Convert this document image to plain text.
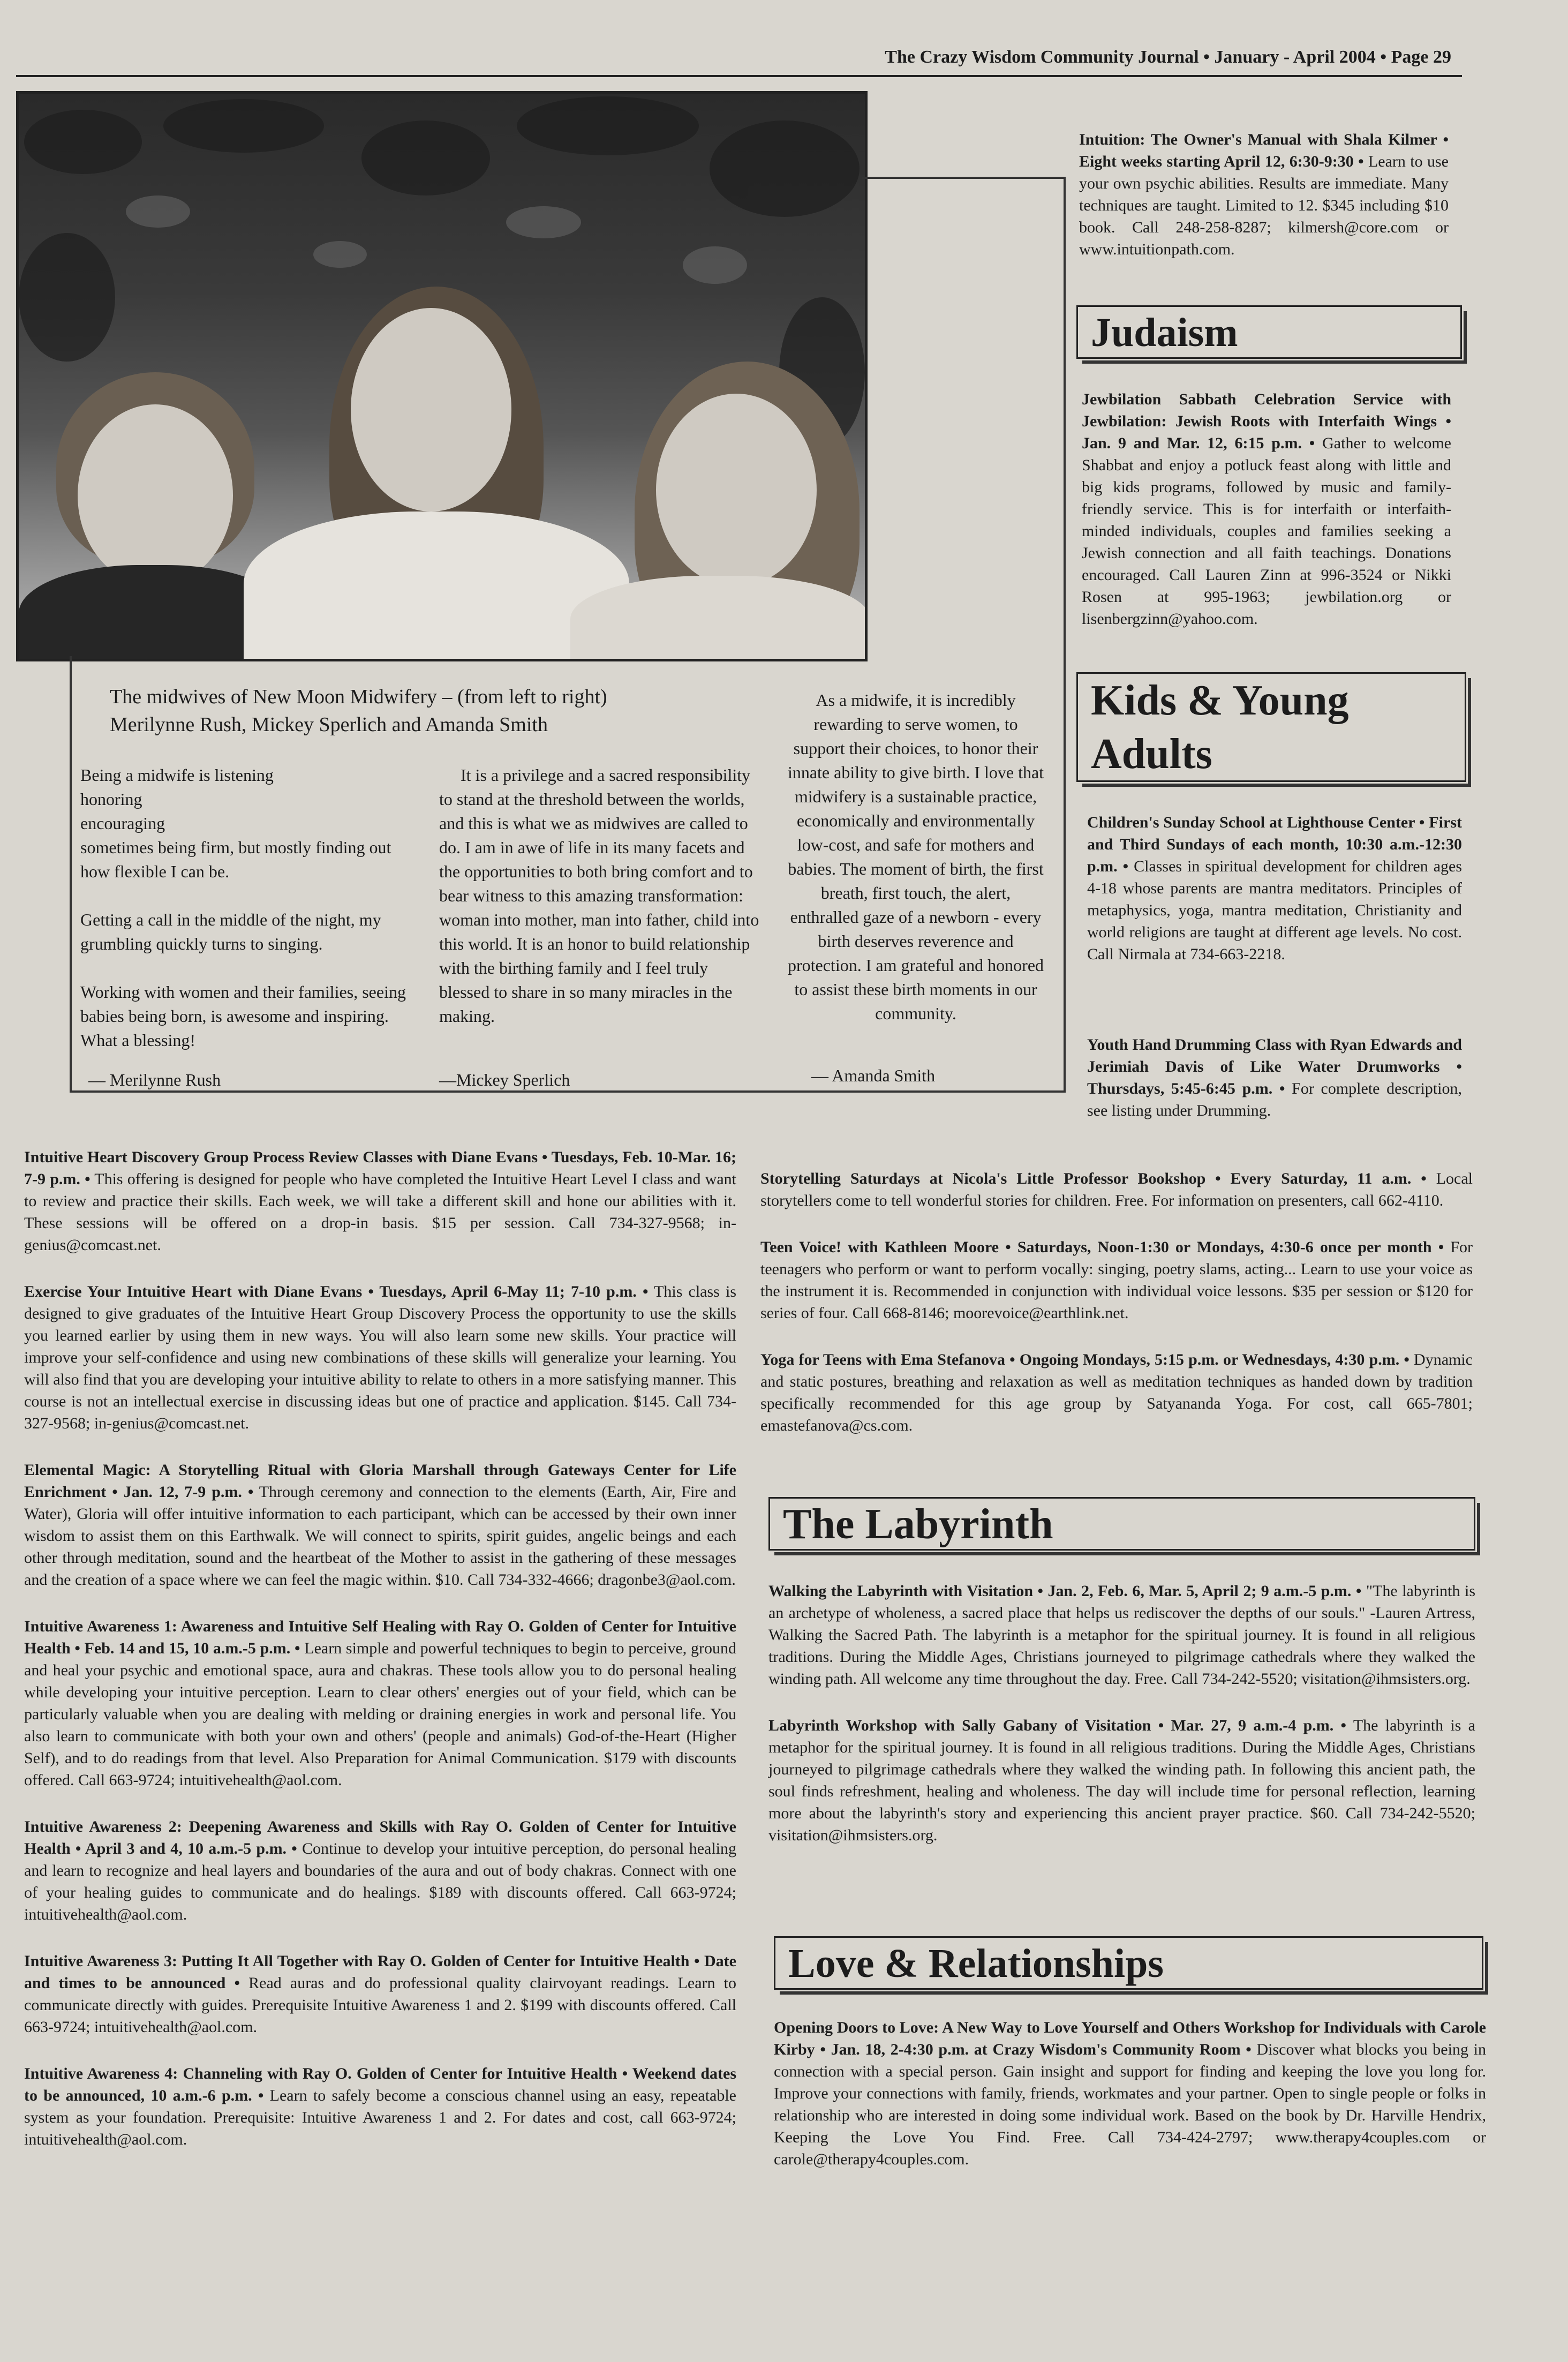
The Crazy Wisdom Community Journal • January - April 2004 • Page 29
The midwives of New Moon Midwifery – (from left to right)
Merilynne Rush, Mickey Sperlich and Amanda Smith

Being a midwife is listening
honoring
encouraging
sometimes being firm, but mostly finding out how flexible I can be.

Getting a call in the middle of the night, my grumbling quickly turns to singing.

Working with women and their families, seeing babies being born, is awesome and inspiring. What a blessing!

— Merilynne Rush

It is a privilege and a sacred responsibility to stand at the threshold between the worlds, and this is what we as midwives are called to do. I am in awe of life in its many facets and the opportunities to both bring comfort and to bear witness to this amazing transformation: woman into mother, man into father, child into this world. It is an honor to build relationship with the birthing family and I feel truly blessed to share in so many miracles in the making.

—Mickey Sperlich

As a midwife, it is incredibly rewarding to serve women, to support their choices, to honor their innate ability to give birth. I love that midwifery is a sustainable practice, economically and environmentally low-cost, and safe for mothers and babies. The moment of birth, the first breath, first touch, the alert, enthralled gaze of a newborn - every birth deserves reverence and protection. I am grateful and honored to assist these birth moments in our community.

— Amanda Smith
Intuition: The Owner's Manual with Shala Kilmer • Eight weeks starting April 12, 6:30-9:30 • Learn to use your own psychic abilities. Results are immediate. Many techniques are taught. Limited to 12. $345 including $10 book. Call 248-258-8287; kilmersh@core.com or www.intuitionpath.com.
Judaism
Jewbilation Sabbath Celebration Service with Jewbilation: Jewish Roots with Interfaith Wings • Jan. 9 and Mar. 12, 6:15 p.m. • Gather to welcome Shabbat and enjoy a potluck feast along with little and big kids programs, followed by music and family-friendly service. This is for interfaith or interfaith-minded individuals, couples and families seeking a Jewish connection and all faith teachings. Donations encouraged. Call Lauren Zinn at 996-3524 or Nikki Rosen at 995-1963; jewbilation.org or lisenbergzinn@yahoo.com.
Kids & Young
Adults
Children's Sunday School at Lighthouse Center • First and Third Sundays of each month, 10:30 a.m.-12:30 p.m. • Classes in spiritual development for children ages 4-18 whose parents are mantra meditators. Principles of metaphysics, yoga, mantra meditation, Christianity and world religions are taught at different age levels. No cost. Call Nirmala at 734-663-2218.
Youth Hand Drumming Class with Ryan Edwards and Jerimiah Davis of Like Water Drumworks • Thursdays, 5:45-6:45 p.m. • For complete description, see listing under Drumming.
Intuitive Heart Discovery Group Process Review Classes with Diane Evans • Tuesdays, Feb. 10-Mar. 16; 7-9 p.m. • This offering is designed for people who have completed the Intuitive Heart Level I class and want to review and practice their skills. Each week, we will take a different skill and hone our abilities with it. These sessions will be offered on a drop-in basis. $15 per session. Call 734-327-9568; in-genius@comcast.net.
Exercise Your Intuitive Heart with Diane Evans • Tuesdays, April 6-May 11; 7-10 p.m. • This class is designed to give graduates of the Intuitive Heart Group Discovery Process the opportunity to use the skills you learned earlier by using them in new ways. You will also learn some new skills. Your practice will improve your self-confidence and using new combinations of these skills will generalize your learning. You will also find that you are developing your intuitive ability to relate to others in a more satisfying manner. This course is not an intellectual exercise in discussing ideas but one of practice and application. $145. Call 734-327-9568; in-genius@comcast.net.
Elemental Magic: A Storytelling Ritual with Gloria Marshall through Gateways Center for Life Enrichment • Jan. 12, 7-9 p.m. • Through ceremony and connection to the elements (Earth, Air, Fire and Water), Gloria will offer intuitive information to each participant, which can be accessed by their own inner wisdom to assist them on this Earthwalk. We will connect to spirits, spirit guides, angelic beings and each other through meditation, sound and the heartbeat of the Mother to assist in the gathering of these messages and the creation of a space where we can feel the magic within. $10. Call 734-332-4666; dragonbe3@aol.com.
Intuitive Awareness 1: Awareness and Intuitive Self Healing with Ray O. Golden of Center for Intuitive Health • Feb. 14 and 15, 10 a.m.-5 p.m. • Learn simple and powerful techniques to begin to perceive, ground and heal your psychic and emotional space, aura and chakras. These tools allow you to do personal healing while developing your intuitive perception. Learn to clear others' energies out of your field, which can be particularly valuable when you are dealing with melding or draining energies in work and personal life. You also learn to communicate with both your own and others' (people and animals) God-of-the-Heart (Higher Self), and to do readings from that level. Also Preparation for Animal Communication. $179 with discounts offered. Call 663-9724; intuitivehealth@aol.com.
Intuitive Awareness 2: Deepening Awareness and Skills with Ray O. Golden of Center for Intuitive Health • April 3 and 4, 10 a.m.-5 p.m. • Continue to develop your intuitive perception, do personal healing and learn to recognize and heal layers and boundaries of the aura and out of body chakras. Connect with one of your healing guides to communicate and do healings. $189 with discounts offered. Call 663-9724; intuitivehealth@aol.com.
Intuitive Awareness 3: Putting It All Together with Ray O. Golden of Center for Intuitive Health • Date and times to be announced • Read auras and do professional quality clairvoyant readings. Learn to communicate directly with guides. Prerequisite Intuitive Awareness 1 and 2. $199 with discounts offered. Call 663-9724; intuitivehealth@aol.com.
Intuitive Awareness 4: Channeling with Ray O. Golden of Center for Intuitive Health • Weekend dates to be announced, 10 a.m.-6 p.m. • Learn to safely become a conscious channel using an easy, repeatable system as your foundation. Prerequisite: Intuitive Awareness 1 and 2. For dates and cost, call 663-9724; intuitivehealth@aol.com.
Storytelling Saturdays at Nicola's Little Professor Bookshop • Every Saturday, 11 a.m. • Local storytellers come to tell wonderful stories for children. Free. For information on presenters, call 662-4110.
Teen Voice! with Kathleen Moore • Saturdays, Noon-1:30 or Mondays, 4:30-6 once per month • For teenagers who perform or want to perform vocally: singing, poetry slams, acting... Learn to use your voice as the instrument it is. Recommended in conjunction with individual voice lessons. $35 per session or $120 for series of four. Call 668-8146; moorevoice@earthlink.net.
Yoga for Teens with Ema Stefanova • Ongoing Mondays, 5:15 p.m. or Wednesdays, 4:30 p.m. • Dynamic and static postures, breathing and relaxation as well as meditation techniques as handed down by tradition specifically recommended for this age group by Satyananda Yoga. For cost, call 665-7801; emastefanova@cs.com.
The Labyrinth
Walking the Labyrinth with Visitation • Jan. 2, Feb. 6, Mar. 5, April 2; 9 a.m.-5 p.m. • "The labyrinth is an archetype of wholeness, a sacred place that helps us rediscover the depths of our souls." -Lauren Artress, Walking the Sacred Path. The labyrinth is a metaphor for the spiritual journey. It is found in all religious traditions. During the Middle Ages, Christians journeyed to pilgrimage cathedrals where they walked the winding path. All welcome any time throughout the day. Free. Call 734-242-5520; visitation@ihmsisters.org.
Labyrinth Workshop with Sally Gabany of Visitation • Mar. 27, 9 a.m.-4 p.m. • The labyrinth is a metaphor for the spiritual journey. It is found in all religious traditions. During the Middle Ages, Christians journeyed to pilgrimage cathedrals where they walked the winding path. In following this ancient path, the soul finds refreshment, healing and wholeness. The day will include time for personal reflection, learning more about the labyrinth's story and experiencing this ancient prayer practice. $60. Call 734-242-5520; visitation@ihmsisters.org.
Love & Relationships
Opening Doors to Love: A New Way to Love Yourself and Others Workshop for Individuals with Carole Kirby • Jan. 18, 2-4:30 p.m. at Crazy Wisdom's Community Room • Discover what blocks you being in connection with a special person. Gain insight and support for finding and keeping the love you long for. Improve your connections with family, friends, workmates and your partner. Open to single people or folks in relationship who are interested in doing some individual work. Based on the book by Dr. Harville Hendrix, Keeping the Love You Find. Free. Call 734-424-2797; www.therapy4couples.com or carole@therapy4couples.com.
